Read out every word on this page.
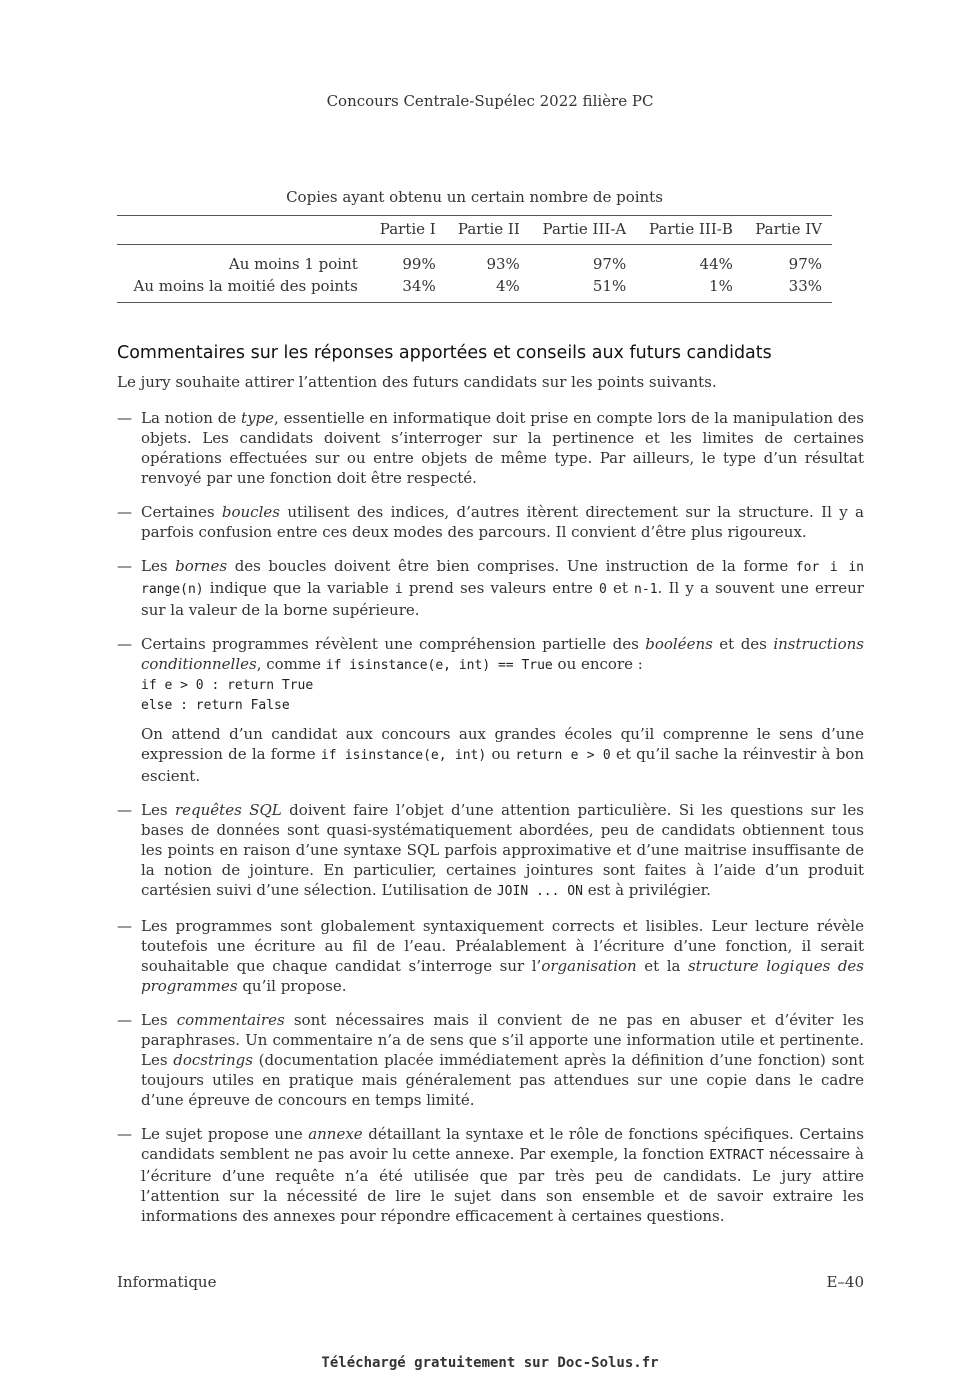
Concours Centrale-Supélec 2022 filière PC
Copies ayant obtenu un certain nombre de points
	Partie I	Partie II	Partie III-A	Partie III-B	Partie IV
Au moins 1 point	99%	93%	97%	44%	97%
Au moins la moitié des points	34%	4%	51%	1%	33%
Commentaires sur les réponses apportées et conseils aux futurs candidats
Le jury souhaite attirer l’attention des futurs candidats sur les points suivants.
— La notion de type, essentielle en informatique doit prise en compte lors de la manipulation des objets. Les candidats doivent s’interroger sur la pertinence et les limites de certaines opérations effectuées sur ou entre objets de même type. Par ailleurs, le type d’un résultat renvoyé par une fonction doit être respecté.
— Certaines boucles utilisent des indices, d’autres itèrent directement sur la structure. Il y a parfois confusion entre ces deux modes des parcours. Il convient d’être plus rigoureux.
— Les bornes des boucles doivent être bien comprises. Une instruction de la forme for i in range(n) indique que la variable i prend ses valeurs entre 0 et n-1. Il y a souvent une erreur sur la valeur de la borne supérieure.
— Certains programmes révèlent une compréhension partielle des booléens et des instructions conditionnelles, comme if isinstance(e, int) == True ou encore :
if e > 0 : return True
else : return False
On attend d’un candidat aux concours aux grandes écoles qu’il comprenne le sens d’une expression de la forme if isinstance(e, int) ou return e > 0 et qu’il sache la réinvestir à bon escient.
— Les requêtes SQL doivent faire l’objet d’une attention particulière. Si les questions sur les bases de données sont quasi-systématiquement abordées, peu de candidats obtiennent tous les points en raison d’une syntaxe SQL parfois approximative et d’une maitrise insuffisante de la notion de jointure. En particulier, certaines jointures sont faites à l’aide d’un produit cartésien suivi d’une sélection. L’utilisation de JOIN ... ON est à privilégier.
— Les programmes sont globalement syntaxiquement corrects et lisibles. Leur lecture révèle toutefois une écriture au fil de l’eau. Préalablement à l’écriture d’une fonction, il serait souhaitable que chaque candidat s’interroge sur l’organisation et la structure logiques des programmes qu’il propose.
— Les commentaires sont nécessaires mais il convient de ne pas en abuser et d’éviter les paraphrases. Un commentaire n’a de sens que s’il apporte une information utile et pertinente. Les docstrings (documentation placée immédiatement après la définition d’une fonction) sont toujours utiles en pratique mais généralement pas attendues sur une copie dans le cadre d’une épreuve de concours en temps limité.
— Le sujet propose une annexe détaillant la syntaxe et le rôle de fonctions spécifiques. Certains candidats semblent ne pas avoir lu cette annexe. Par exemple, la fonction EXTRACT nécessaire à l’écriture d’une requête n’a été utilisée que par très peu de candidats. Le jury attire l’attention sur la nécessité de lire le sujet dans son ensemble et de savoir extraire les informations des annexes pour répondre efficacement à certaines questions.
Informatique	E–40
Téléchargé gratuitement sur Doc-Solus.fr
